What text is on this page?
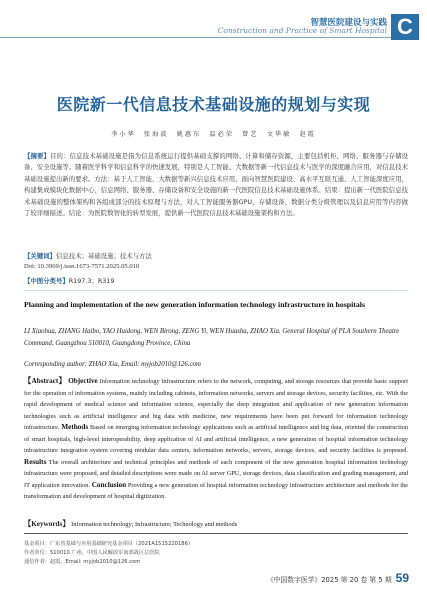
智慧医院建设与实践
Construction and Practice of Smart Hospital C
医院新一代信息技术基础设施的规划与实现
李小华　张海波　姚惠东　温必荣　曾艺　文华敏　赵霞
【摘要】目的：信息技术基础设施是指为信息系统运行提供基础支撑的网络、计算和储存资源，主要包括机柜、网络、服务器与存储设备、安全设施等。随着医学科学和信息科学的快速发展，特别是人工智能、大数据等新一代信息技术与医学的深度融合应用，对信息技术基础设施提出新的要求。方法：基于人工智能、大数据等新兴信息技术应用，面向智慧医院建设、高水平互联互通、人工智能深度应用，构建集成模块化数据中心、信息网络、服务器、存储设备和安全设施的新一代医院信息技术基础设施体系。结果：提出新一代医院信息技术基础设施的整体架构和各组成部分的技术原理与方法，对人工智能服务器GPU、存储设备、数据分类分级管理以及信息应用等内容做了较详细描述。结论：为医院数智化的转型发展，提供新一代医院信息技术基础设施架构和方法。
【关键词】信息技术；基础设施；技术与方法
Doi: 10.3969/j.issn.1673-7571.2025.05.010
【中图分类号】R197.3；R319
Planning and implementation of the new generation information technology infrastructure in hospitals
LI Xiaohua, ZHANG Haibo, YAO Huidong, WEN Birong, ZENG Yi, WEN Huasha, ZHAO Xia. General Hospital of PLA Southern Theatre Command, Guangzhou 510010, Guangdong Province, China
Corresponding author: ZHAO Xia, Email: myjob2010@126.com
【Abstract】 Objective Information technology infrastructure refers to the network, computing, and storage resources that provide basic support for the operation of information systems, mainly including cabinets, information networks, servers and storage devices, security facilities, etc. With the rapid development of medical science and information science, especially the deep integration and application of new generation information technologies such as artificial intelligence and big data with medicine, new requirements have been put forward for information technology infrastructure. Methods Based on emerging information technology applications such as artificial intelligence and big data, oriented the construction of smart hospitals, high-level interoperability, deep application of AI and artificial intelligence, a new generation of hospital information technology infrastructure integration system covering modular data centers, information networks, servers, storage devices, and security facilities is proposed. Results The overall architecture and technical principles and methods of each component of the new generation hospital information technology infrastructure were proposed, and detailed descriptions were made on AI server GPU, storage devices, data classification and grading management, and IT application innovation. Conclusion Providing a new generation of hospital information technology infrastructure architecture and methods for the transformation and development of hospital digitization.
【Keywords】 Information technology; Infrastructure; Technology and methods
基金项目：广东省基础与应用基础研究基金项目（2021A1515220186）
作者单位：510010 广州，中国人民解放军南部战区总医院
通信作者：赵霞，Email: myjob2010@126.com
《中国数字医学》2025 第 20 卷 第 5 期 59
